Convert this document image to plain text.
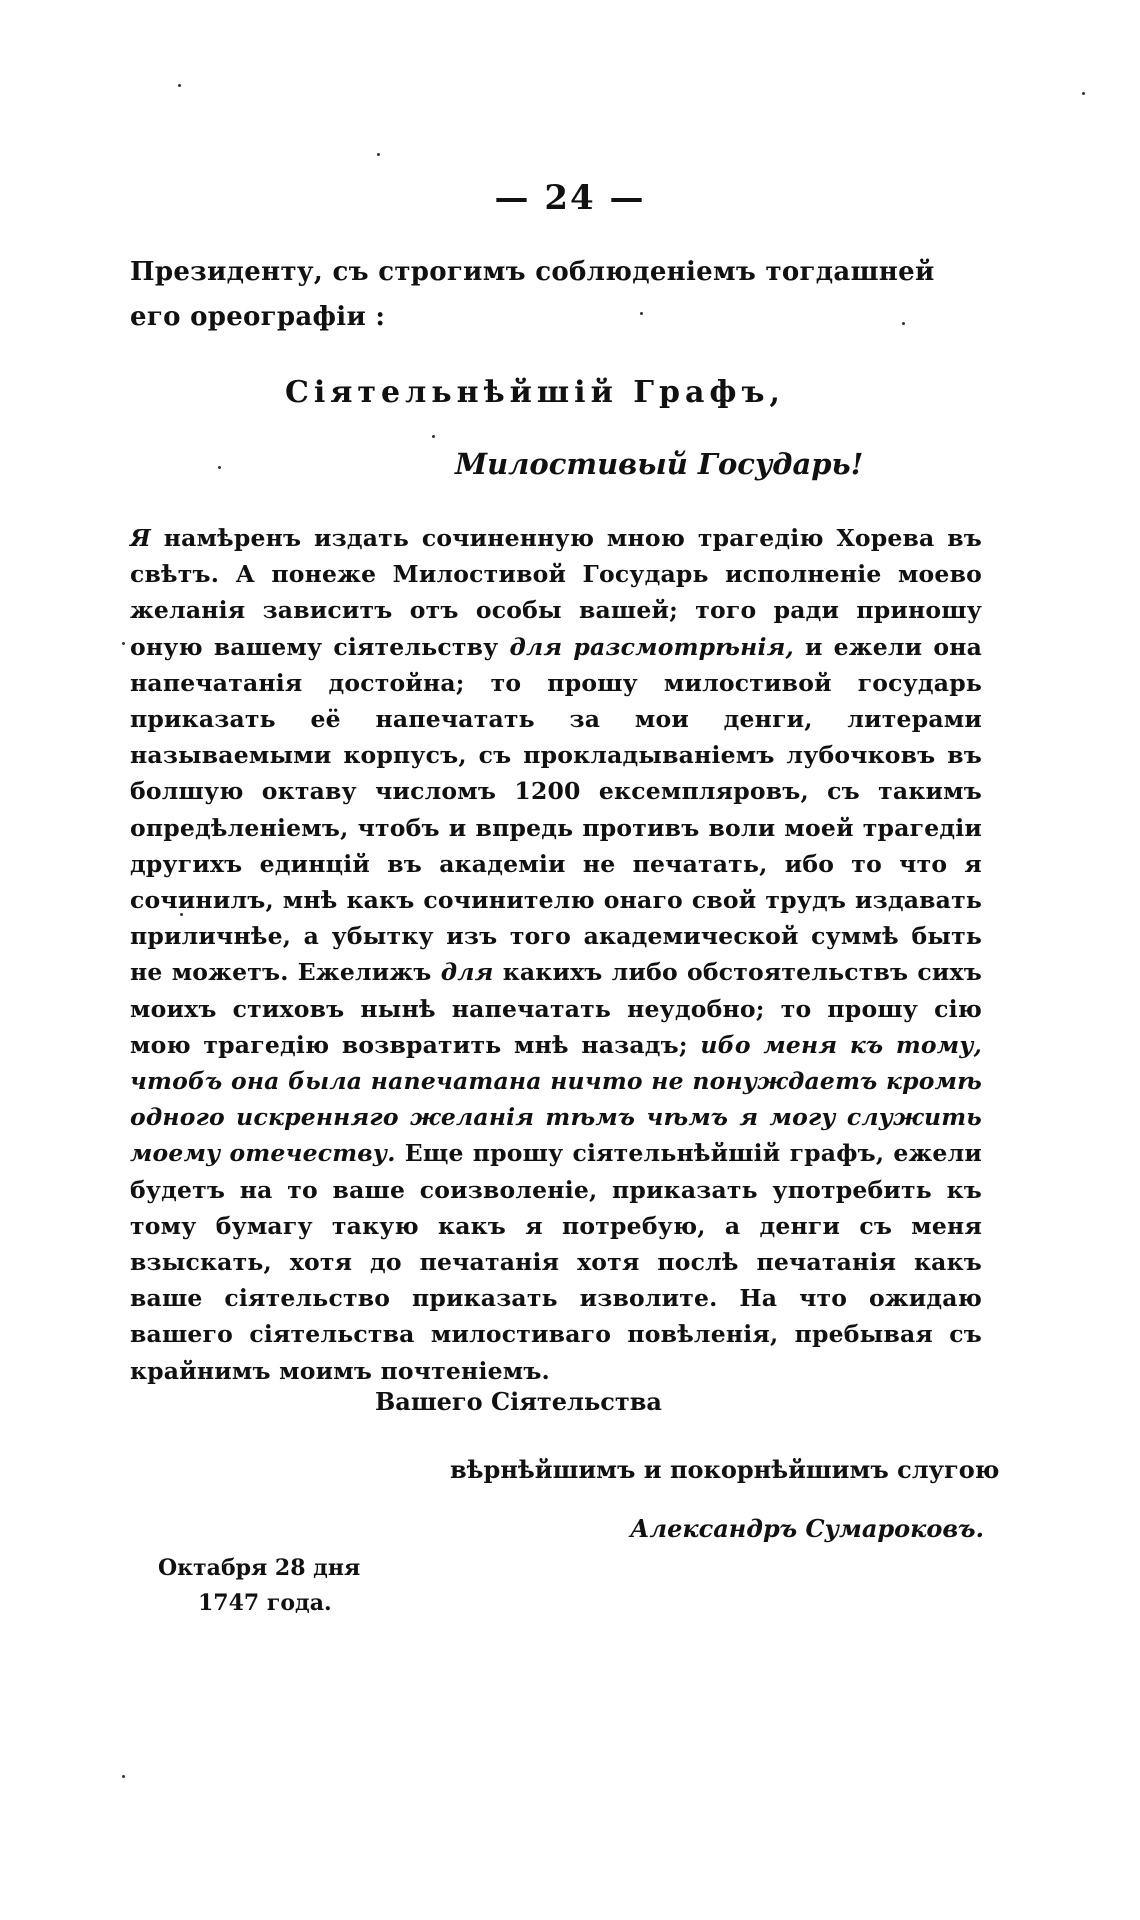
— 24 —
Президенту, съ строгимъ соблюденіемъ тогдашней его ореографіи :
Сіятельнѣйшій Графъ,
Милостивый Государь!
Я намѣренъ издать сочиненную мною трагедію Хорева въ свѣтъ. А понеже Милостивой Государь исполненіе моево желанія зависитъ отъ особы вашей; того ради приношу оную вашему сіятельству для разсмотрѣнія, и ежели она напечатанія достойна; то прошу милостивой государь приказать её напечатать за мои денги, литерами называемыми корпусъ, съ прокладываніемъ лубочковъ въ болшую октаву числомъ 1200 ексемпляровъ, съ такимъ опредѣленіемъ, чтобъ и впредь противъ воли моей трагедіи другихъ единцій въ академіи не печатать, ибо то что я сочинилъ, мнѣ какъ сочинителю онаго свой трудъ издавать приличнѣе, а убытку изъ того академической суммѣ быть не можетъ. Ежелижъ для какихъ либо обстоятельствъ сихъ моихъ стиховъ нынѣ напечатать неудобно; то прошу сію мою трагедію возвратить мнѣ назадъ; ибо меня къ тому, чтобъ она была напечатана ничто не понуждаетъ кромѣ одного искренняго желанія тѣмъ чѣмъ я могу служить моему отечеству. Еще прошу сіятельнѣйшій графъ, ежели будетъ на то ваше соизволеніе, приказать употребить къ тому бумагу такую какъ я потребую, а денги съ меня взыскать, хотя до печатанія хотя послѣ печатанія какъ ваше сіятельство приказать изволите. На что ожидаю вашего сіятельства милостиваго повѣленія, пребывая съ крайнимъ моимъ почтеніемъ.
Вашего Сіятельства
вѣрнѣйшимъ и покорнѣйшимъ слугою
Александръ Сумароковъ.
Октабря 28 дня
1747 года.
